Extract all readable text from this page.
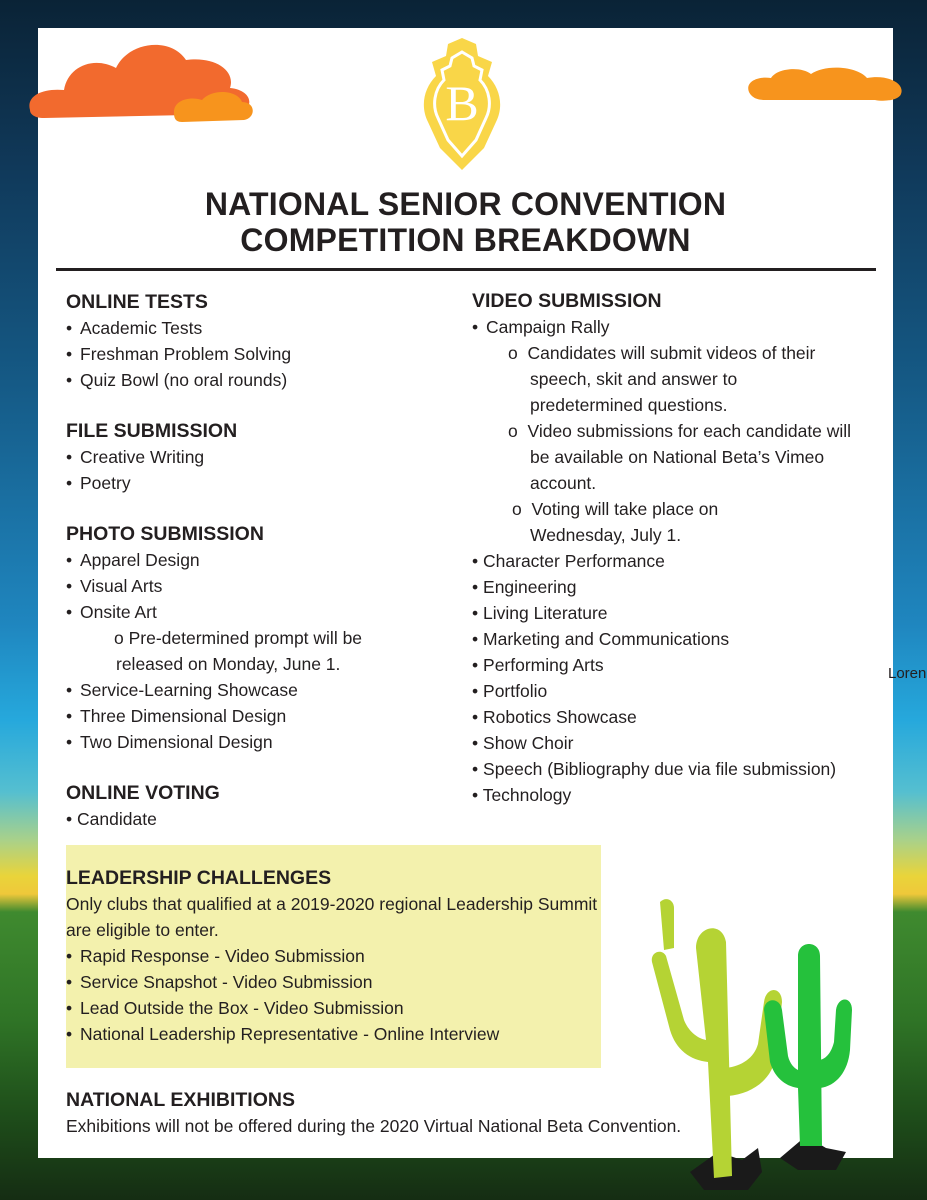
B
NATIONAL SENIOR CONVENTION
COMPETITION BREAKDOWN
ONLINE TESTS
• Academic Tests
• Freshman Problem Solving
• Quiz Bowl (no oral rounds)
FILE SUBMISSION
• Creative Writing
• Poetry
PHOTO SUBMISSION
• Apparel Design
• Visual Arts
• Onsite Art
o Pre-determined prompt will be
released on Monday, June 1.
• Service-Learning Showcase
• Three Dimensional Design
• Two Dimensional Design
ONLINE VOTING
• Candidate
VIDEO SUBMISSION
• Campaign Rally
o Candidates will submit videos of their
speech, skit and answer to
predetermined questions.
o Video submissions for each candidate will
be available on National Beta’s Vimeo
account.
o Voting will take place on
Wednesday, July 1.
• Character Performance
• Engineering
• Living Literature
• Marketing and Communications
• Performing Arts
• Portfolio
• Robotics Showcase
• Show Choir
• Speech (Bibliography due via file submission)
• Technology
Loren
LEADERSHIP CHALLENGES
Only clubs that qualified at a 2019-2020 regional Leadership Summit
are eligible to enter.
• Rapid Response - Video Submission
• Service Snapshot - Video Submission
• Lead Outside the Box - Video Submission
• National Leadership Representative - Online Interview
NATIONAL EXHIBITIONS
Exhibitions will not be offered during the 2020 Virtual National Beta Convention.
